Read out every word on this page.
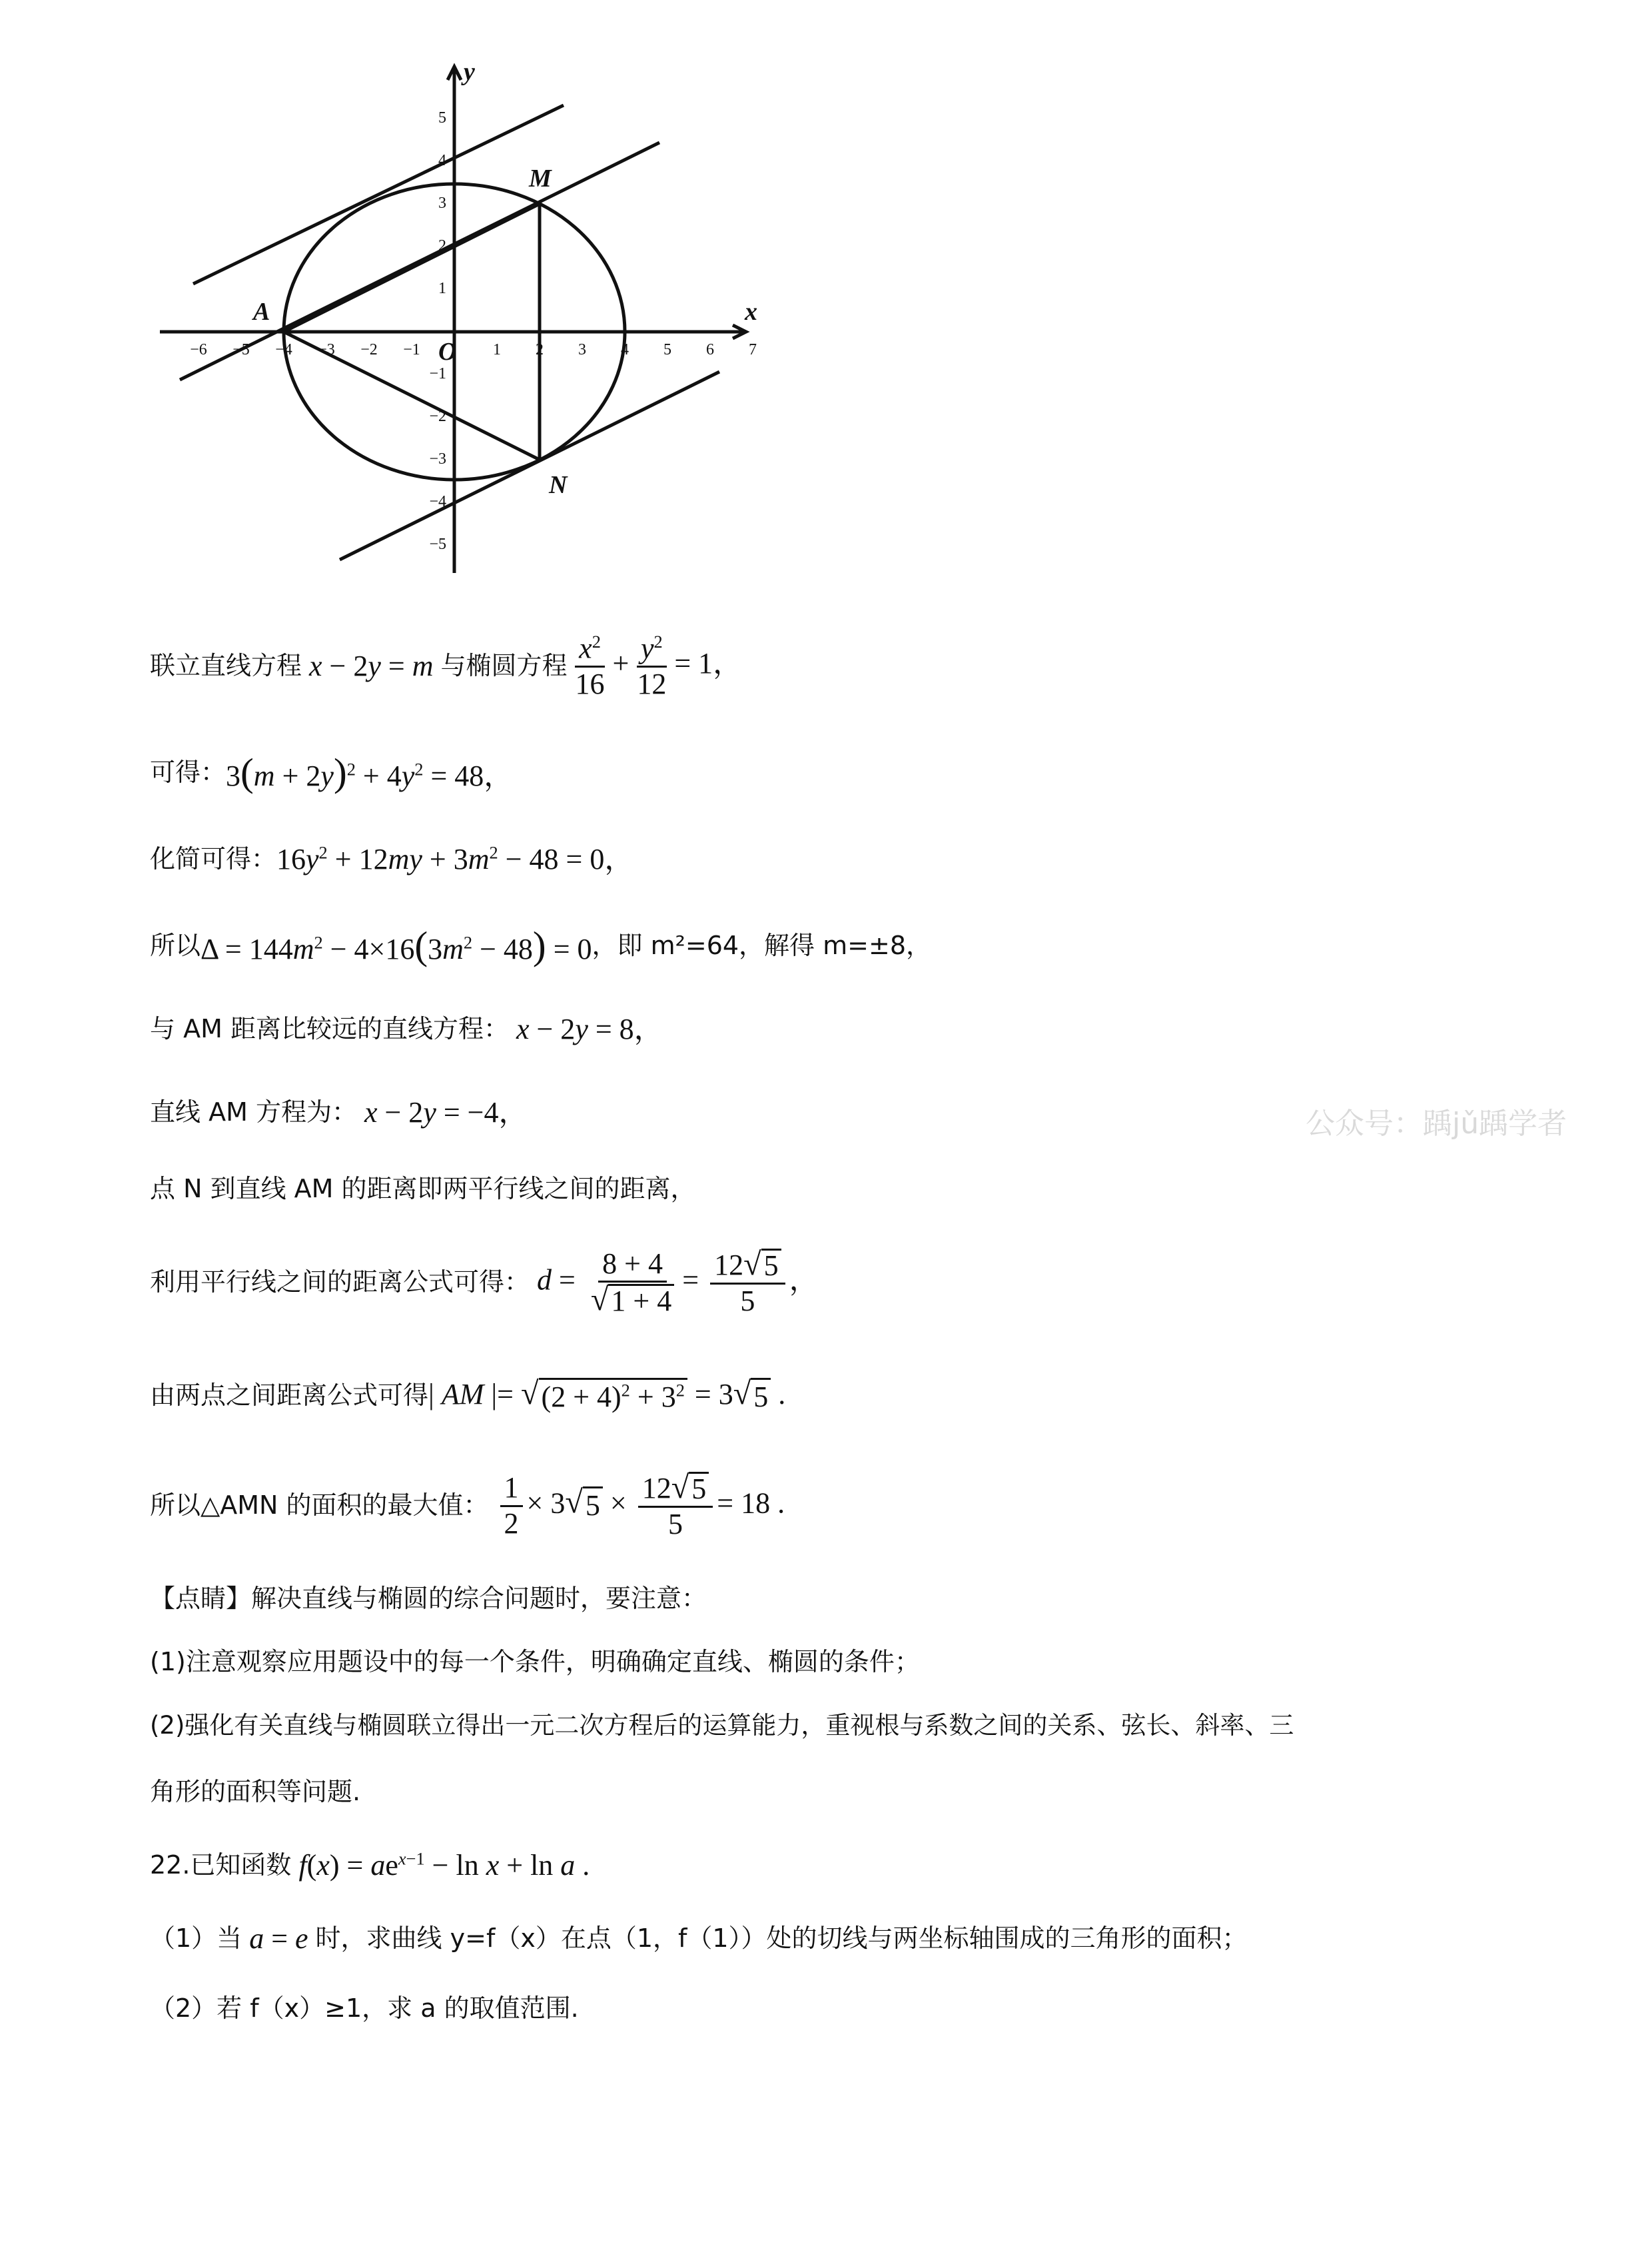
−6 −5 −4 −3 −2 −1	1 2 3 4 5 6 7
5
4
3
2
1
−1
−2
−3
−4
−5
x
y
O
A
M
N
联立直线方程 x − 2y = m 与椭圆方程 $\frac{x^2}{16} + \frac{y^2}{12} = 1$，
可得： $3(m + 2y)^2 + 4y^2 = 48$，
化简可得： $16y^2 + 12my + 3m^2 - 48 = 0$，
所以 $\Delta = 144m^2 - 4\times 16(3m^2 - 48) = 0$ ，即 m²=64，解得 m=±8，
与 AM 距离比较远的直线方程： x − 2y = 8，
直线 AM 方程为： x − 2y = −4，
点 N 到直线 AM 的距离即两平行线之间的距离，
利用平行线之间的距离公式可得： $d = \frac{8 + 4}{√ 1 + 4} = \frac{12 √ 5}{5}$ ，
由两点之间距离公式可得 | AM |= √ $(2 + 4)^2 + 3^2 = 3$ √ 5 .
所以△AMN 的面积的最大值：
$\frac{1}{2} \times 3$ √ $5 \times \frac{12 √ 5}{5} = 18$ .
【点睛】解决直线与椭圆的综合问题时，要注意：
(1)注意观察应用题设中的每一个条件，明确确定直线、椭圆的条件；
(2)强化有关直线与椭圆联立得出一元二次方程后的运算能力，重视根与系数之间的关系、弦长、斜率、三
角形的面积等问题.
22.已知函数 $f(x) = ae^{x-1} - \ln x + \ln a$ .
（1）当 a = e 时，求曲线 y=f（x）在点（1，f（1））处的切线与两坐标轴围成的三角形的面积；
（2）若 f（x）≥1，求 a 的取值范围.
公众号：踽jǔ踽学者
